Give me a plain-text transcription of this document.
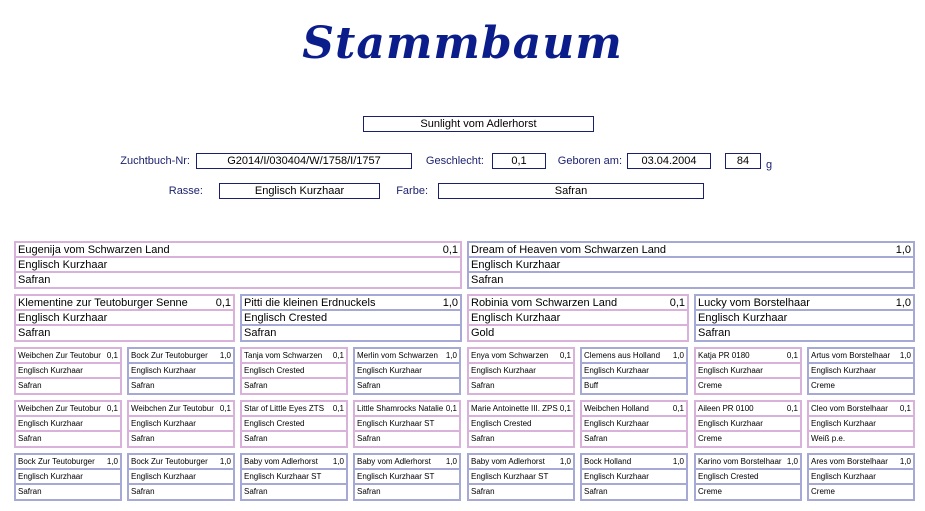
Stammbaum
Sunlight vom Adlerhorst
Zuchtbuch-Nr:	G2014/I/030404/W/1758/I/1757	Geschlecht:	0,1	Geboren am:	03.04.2004	84	g
Rasse:	Englisch Kurzhaar	Farbe:	Safran
Eugenija vom Schwarzen Land	0,1
Englisch Kurzhaar
Safran
Dream of Heaven vom Schwarzen Land	1,0
Englisch Kurzhaar
Safran
Klementine zur Teutoburger Senne	0,1
Englisch Kurzhaar
Safran
Pitti die kleinen Erdnuckels	1,0
Englisch Crested
Safran
Robinia vom Schwarzen Land	0,1
Englisch Kurzhaar
Gold
Lucky vom Borstelhaar	1,0
Englisch Kurzhaar
Safran
Weibchen Zur Teutobur 0,1
Englisch Kurzhaar
Safran
Bock Zur Teutoburger 1,0
Englisch Kurzhaar
Safran
Tanja vom Schwarzen 0,1
Englisch Crested
Safran
Merlin vom Schwarzen 1,0
Englisch Kurzhaar
Safran
Enya vom Schwarzen 0,1
Englisch Kurzhaar
Safran
Clemens aus Holland 1,0
Englisch Kurzhaar
Buff
Katja PR 0180	0,1
Englisch Kurzhaar
Creme
Artus vom Borstelhaar 1,0
Englisch Kurzhaar
Creme
Weibchen Zur Teutobur 0,1
Englisch Kurzhaar
Safran
Weibchen Zur Teutobur 0,1
Englisch Kurzhaar
Safran
Star of Little Eyes ZTS 0,1
Englisch Crested
Safran
Little Shamrocks Natalie 0,1
Englisch Kurzhaar ST
Safran
Marie Antoinette III. ZPS 0,1
Englisch Crested
Safran
Weibchen Holland	0,1
Englisch Kurzhaar
Safran
Aileen PR 0100	0,1
Englisch Kurzhaar
Creme
Cleo vom Borstelhaar 0,1
Englisch Kurzhaar
Weiß p.e.
Bock Zur Teutoburger 1,0
Englisch Kurzhaar
Safran
Bock Zur Teutoburger 1,0
Englisch Kurzhaar
Safran
Baby vom Adlerhorst 1,0
Englisch Kurzhaar ST
Safran
Baby vom Adlerhorst 1,0
Englisch Kurzhaar ST
Safran
Baby vom Adlerhorst 1,0
Englisch Kurzhaar ST
Safran
Bock Holland	1,0
Englisch Kurzhaar
Safran
Karino vom Borstelhaar 1,0
Englisch Crested
Creme
Ares vom Borstelhaar 1,0
Englisch Kurzhaar
Creme
